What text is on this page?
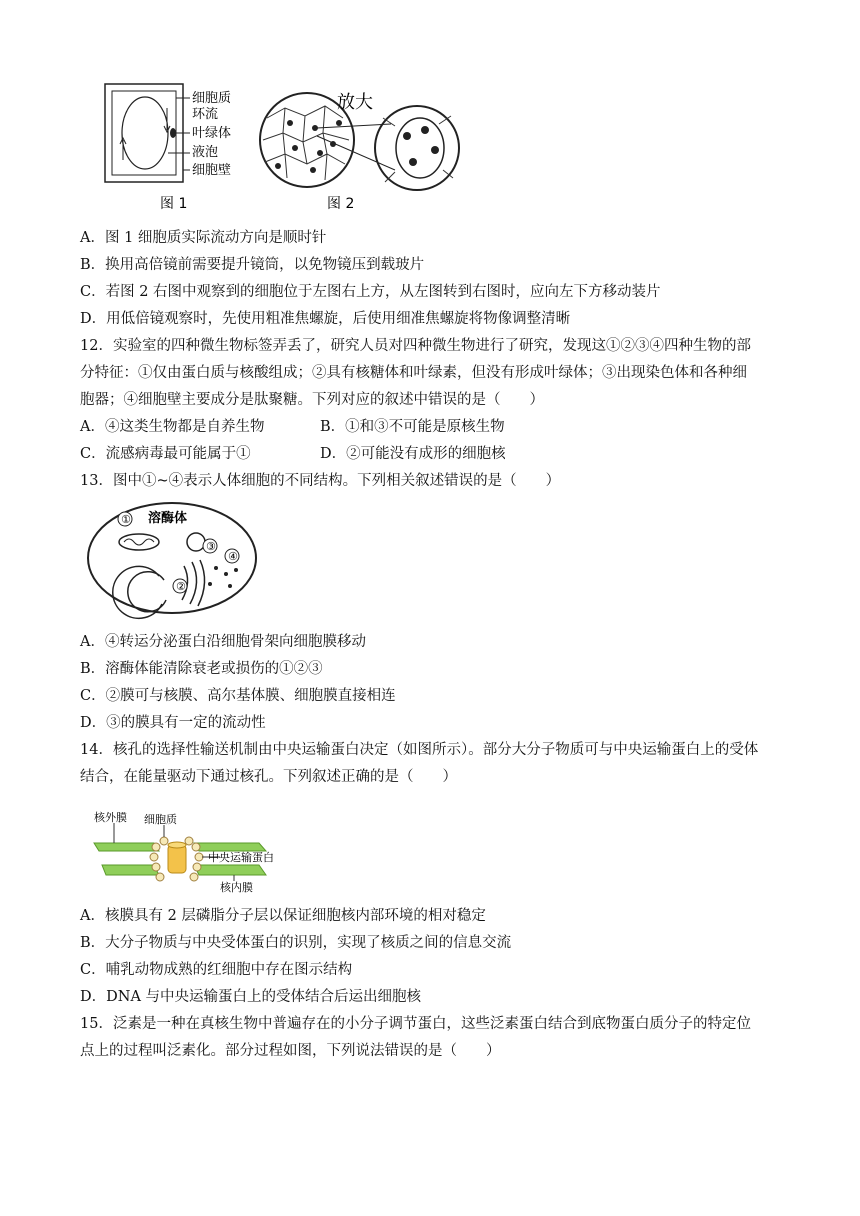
细胞质
环流
叶绿体
液泡
细胞壁
图 1
放大
图 2
A．图 1 细胞质实际流动方向是顺时针
B．换用高倍镜前需要提升镜筒，以免物镜压到载玻片
C．若图 2 右图中观察到的细胞位于左图右上方，从左图转到右图时，应向左下方移动装片
D．用低倍镜观察时，先使用粗准焦螺旋，后使用细准焦螺旋将物像调整清晰
12．实验室的四种微生物标签弄丢了，研究人员对四种微生物进行了研究，发现这①②③④四种生物的部
分特征：①仅由蛋白质与核酸组成；②具有核糖体和叶绿素，但没有形成叶绿体；③出现染色体和各种细
胞器；④细胞壁主要成分是肽聚糖。下列对应的叙述中错误的是（　　）
A．④这类生物都是自养生物	B．①和③不可能是原核生物
C．流感病毒最可能属于①	D．②可能没有成形的细胞核
13．图中①~④表示人体细胞的不同结构。下列相关叙述错误的是（　　）
① 溶酶体
③
④
②
A．④转运分泌蛋白沿细胞骨架向细胞膜移动
B．溶酶体能清除衰老或损伤的①②③
C．②膜可与核膜、高尔基体膜、细胞膜直接相连
D．③的膜具有一定的流动性
14．核孔的选择性输送机制由中央运输蛋白决定（如图所示）。部分大分子物质可与中央运输蛋白上的受体
结合，在能量驱动下通过核孔。下列叙述正确的是（　　）
核外膜 细胞质
中央运输蛋白
核内膜
A．核膜具有 2 层磷脂分子层以保证细胞核内部环境的相对稳定
B．大分子物质与中央受体蛋白的识别，实现了核质之间的信息交流
C．哺乳动物成熟的红细胞中存在图示结构
D．DNA 与中央运输蛋白上的受体结合后运出细胞核
15．泛素是一种在真核生物中普遍存在的小分子调节蛋白，这些泛素蛋白结合到底物蛋白质分子的特定位
点上的过程叫泛素化。部分过程如图，下列说法错误的是（　　）
